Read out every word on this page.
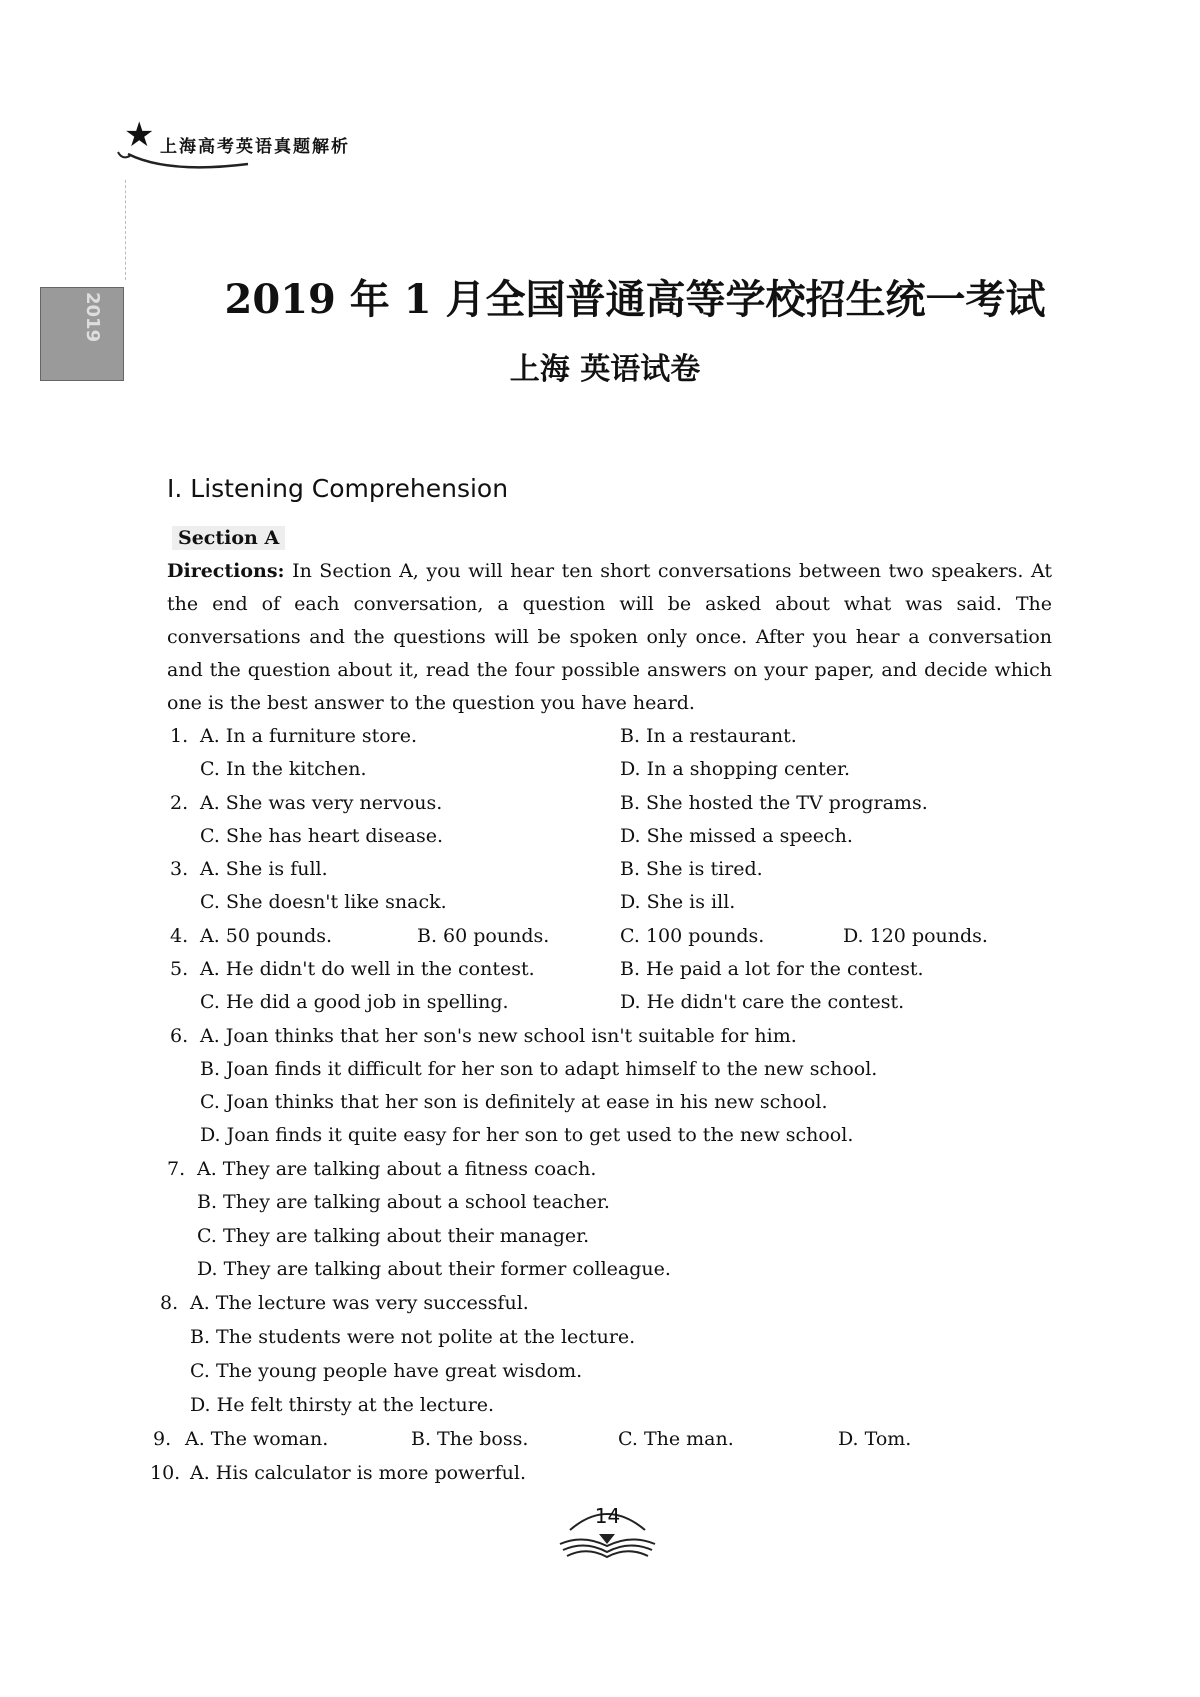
★ 上海高考英语真题解析
2019	2019 年 1 月全国普通高等学校招生统一考试
上海 英语试卷
I. Listening Comprehension
Section A
Directions: In Section A, you will hear ten short conversations between two speakers. At the end of each conversation, a question will be asked about what was said. The conversations and the questions will be spoken only once. After you hear a conversation and the question about it, read the four possible answers on your paper, and decide which one is the best answer to the question you have heard.
1. A. In a furniture store.	B. In a restaurant.
C. In the kitchen.	D. In a shopping center.
2. A. She was very nervous.	B. She hosted the TV programs.
C. She has heart disease.	D. She missed a speech.
3. A. She is full.	B. She is tired.
C. She doesn't like snack.	D. She is ill.
4. A. 50 pounds.	B. 60 pounds.	C. 100 pounds.	D. 120 pounds.
5. A. He didn't do well in the contest.	B. He paid a lot for the contest.
C. He did a good job in spelling.	D. He didn't care the contest.
6. A. Joan thinks that her son's new school isn't suitable for him.
B. Joan finds it difficult for her son to adapt himself to the new school.
C. Joan thinks that her son is definitely at ease in his new school.
D. Joan finds it quite easy for her son to get used to the new school.
7. A. They are talking about a fitness coach.
B. They are talking about a school teacher.
C. They are talking about their manager.
D. They are talking about their former colleague.
8. A. The lecture was very successful.
B. The students were not polite at the lecture.
C. The young people have great wisdom.
D. He felt thirsty at the lecture.
9. A. The woman.	B. The boss.	C. The man.	D. Tom.
10. A. His calculator is more powerful.
14
